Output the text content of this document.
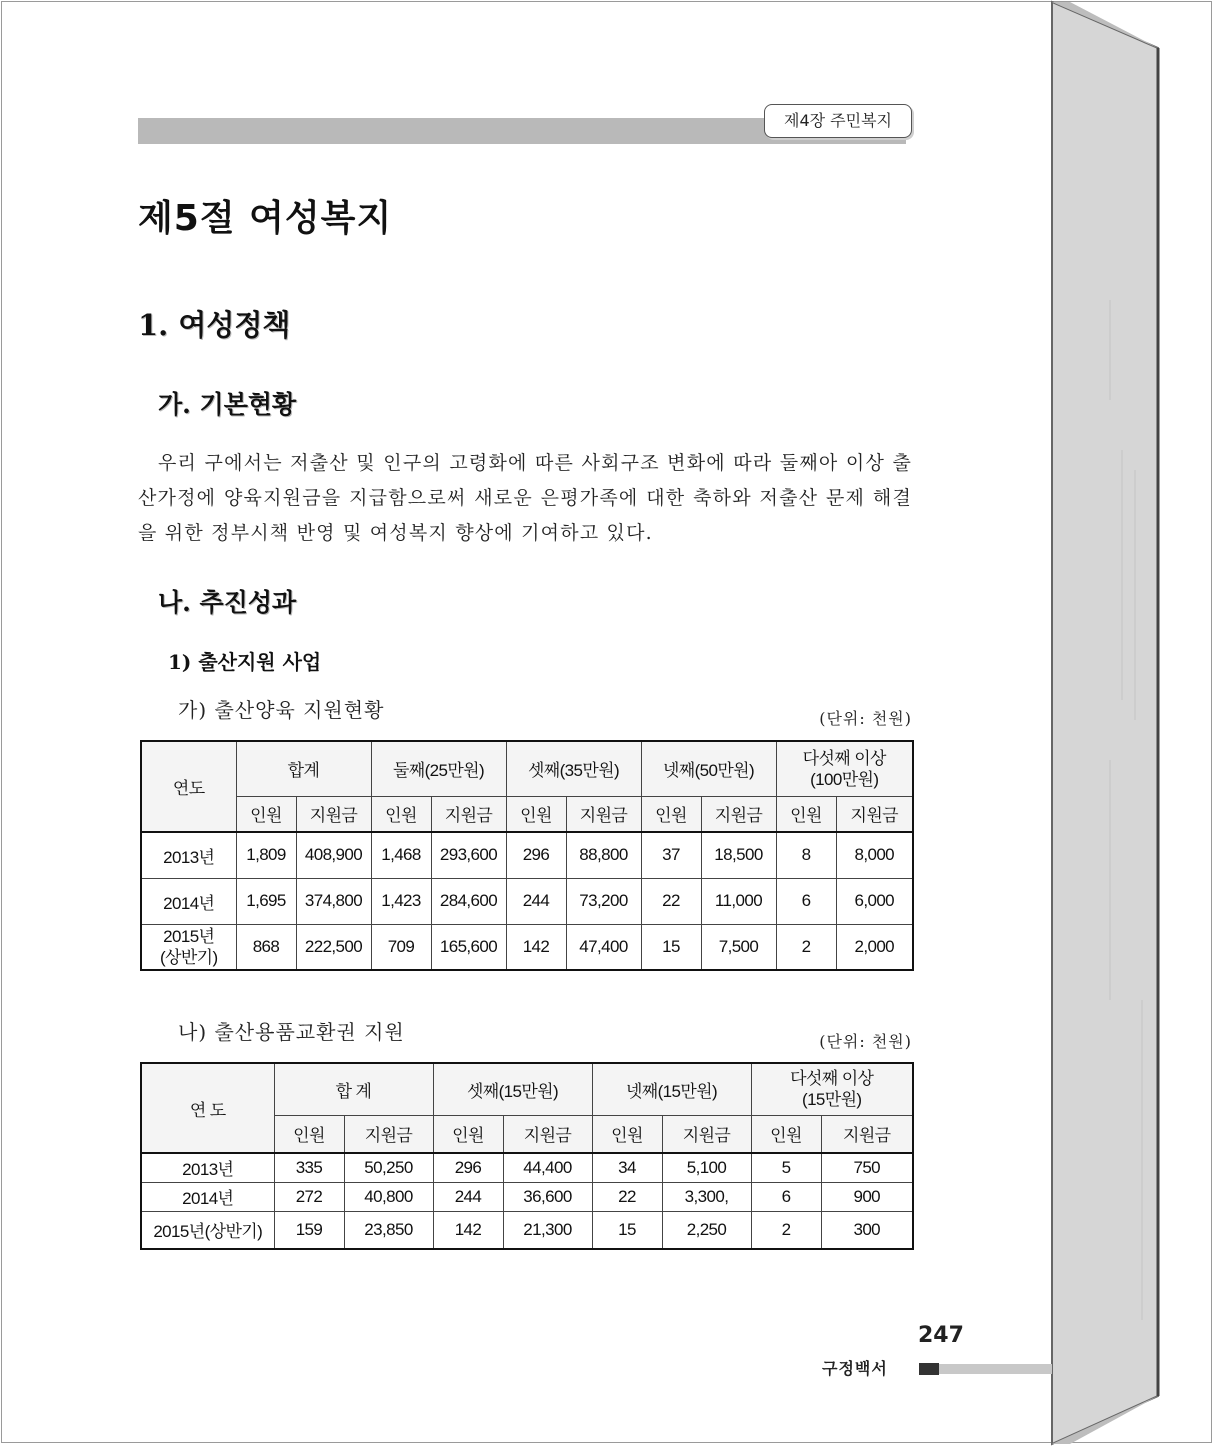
제4장 주민복지
제5절 여성복지
1. 여성정책
가. 기본현황

우리 구에서는 저출산 및 인구의 고령화에 따른 사회구조 변화에 따라 둘째아 이상 출산가정에 양육지원금을 지급함으로써 새로운 은평가족에 대한 축하와 저출산 문제 해결을 위한 정부시책 반영 및 여성복지 향상에 기여하고 있다.

나. 추진성과
1) 출산지원 사업
가) 출산양육 지원현황	(단위: 천원)
연도	합계		둘째(25만원)		셋째(35만원)		넷째(50만원)		다섯째 이상
(100만원)	

	인원	지원금	인원	지원금	인원	지원금	인원	지원금	인원	지원금
2013년	1,809	408,900	1,468	293,600	296	88,800	37	18,500	8	8,000
2014년	1,695	374,800	1,423	284,600	244	73,200	22	11,000	6	6,000

2015년
(상반기)	868	222,500	709	165,600	142	47,400	15	7,500	2	2,000
나) 출산용품교환권 지원	(단위: 천원)
연 도	합 계		셋째(15만원)		넷째(15만원)		다섯째 이상
(15만원)	

	인원	지원금	인원	지원금	인원	지원금	인원	지원금
2013년	335	50,250	296	44,400	34	5,100	5	750
2014년	272	40,800	244	36,600	22	3,300,	6	900
2015년(상반기)	159	23,850	142	21,300	15	2,250	2	300
247
구정백서
